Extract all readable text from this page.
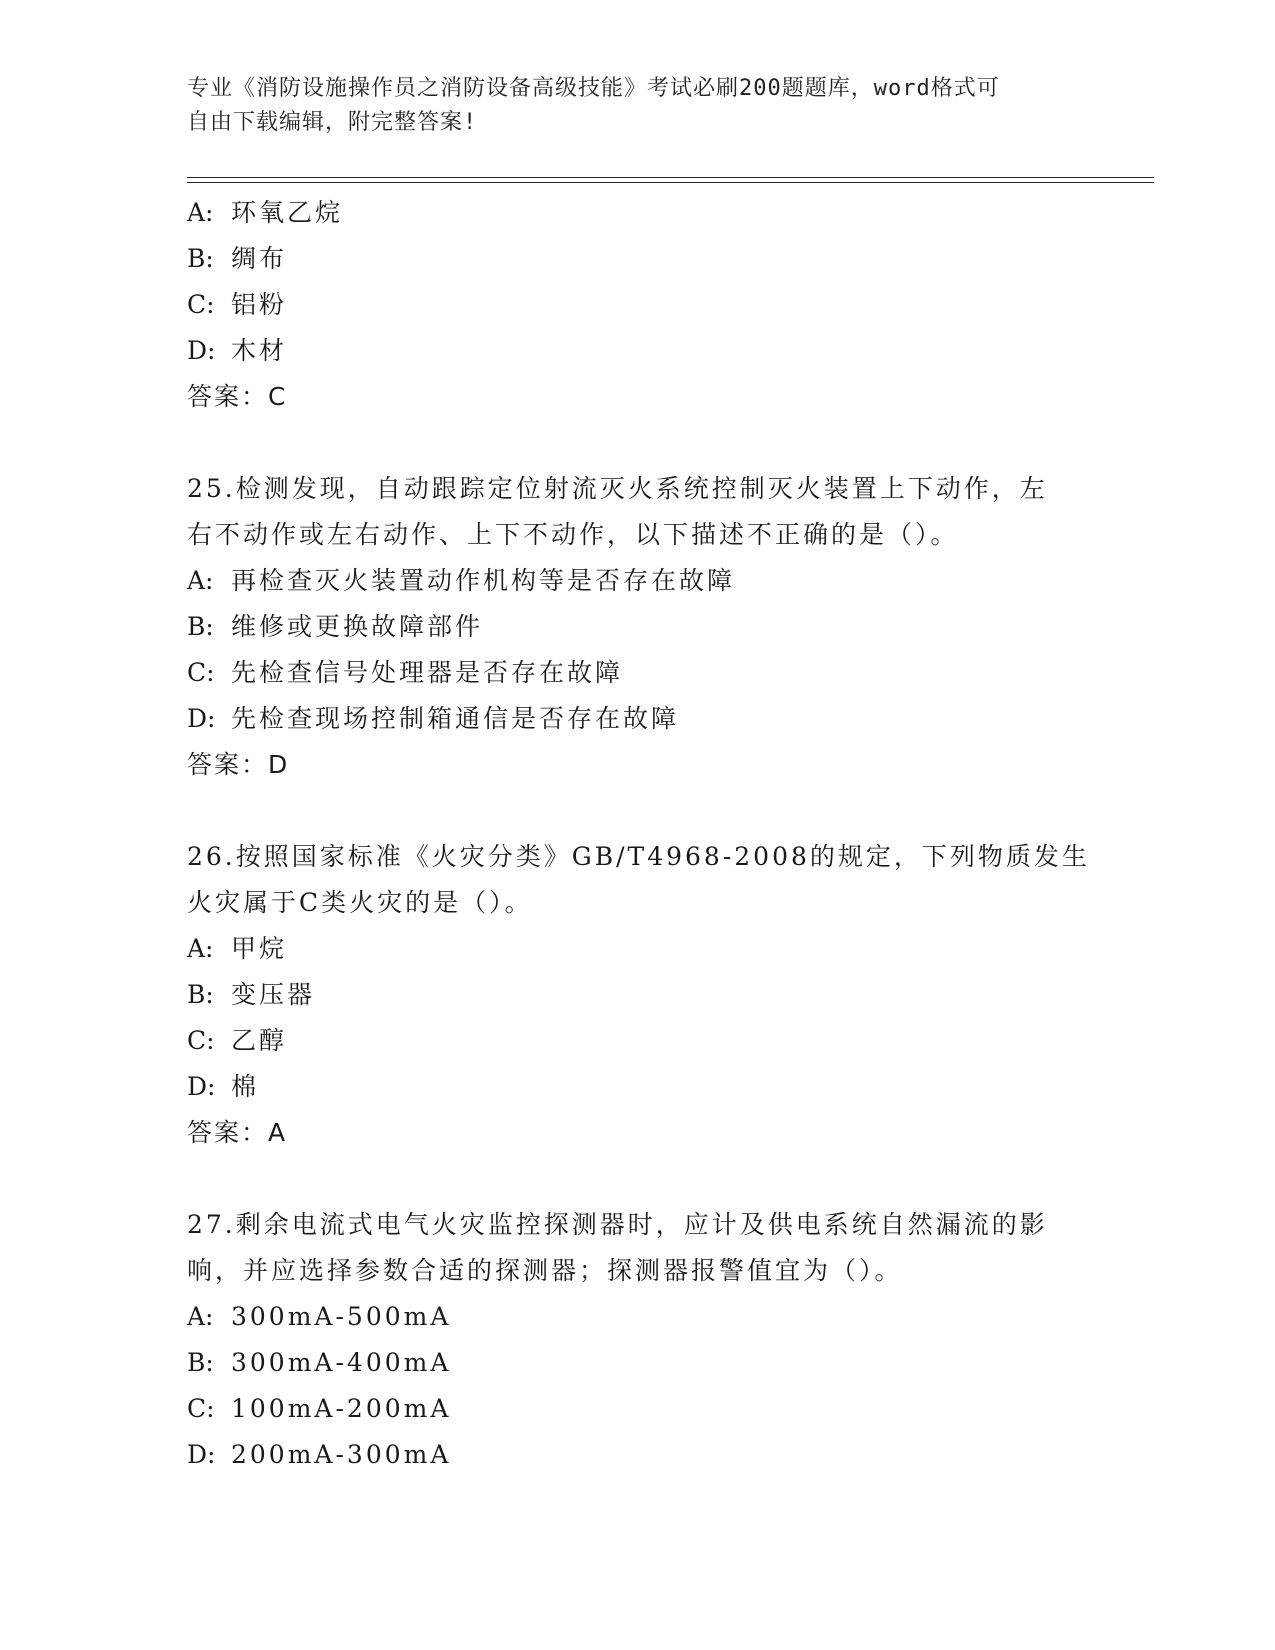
专业《消防设施操作员之消防设备高级技能》考试必刷200题题库，word格式可
自由下载编辑，附完整答案!
A: 环氧乙烷
B: 绸布
C: 铝粉
D: 木材
答案：C
25.检测发现，自动跟踪定位射流灭火系统控制灭火装置上下动作，左
右不动作或左右动作、上下不动作，以下描述不正确的是（）。
A: 再检查灭火装置动作机构等是否存在故障
B: 维修或更换故障部件
C: 先检查信号处理器是否存在故障
D: 先检查现场控制箱通信是否存在故障
答案：D
26.按照国家标准《火灾分类》GB/T4968-2008的规定，下列物质发生
火灾属于C类火灾的是（）。
A: 甲烷
B: 变压器
C: 乙醇
D: 棉
答案：A
27.剩余电流式电气火灾监控探测器时，应计及供电系统自然漏流的影
响，并应选择参数合适的探测器；探测器报警值宜为（）。
A: 300mA-500mA
B: 300mA-400mA
C: 100mA-200mA
D: 200mA-300mA
